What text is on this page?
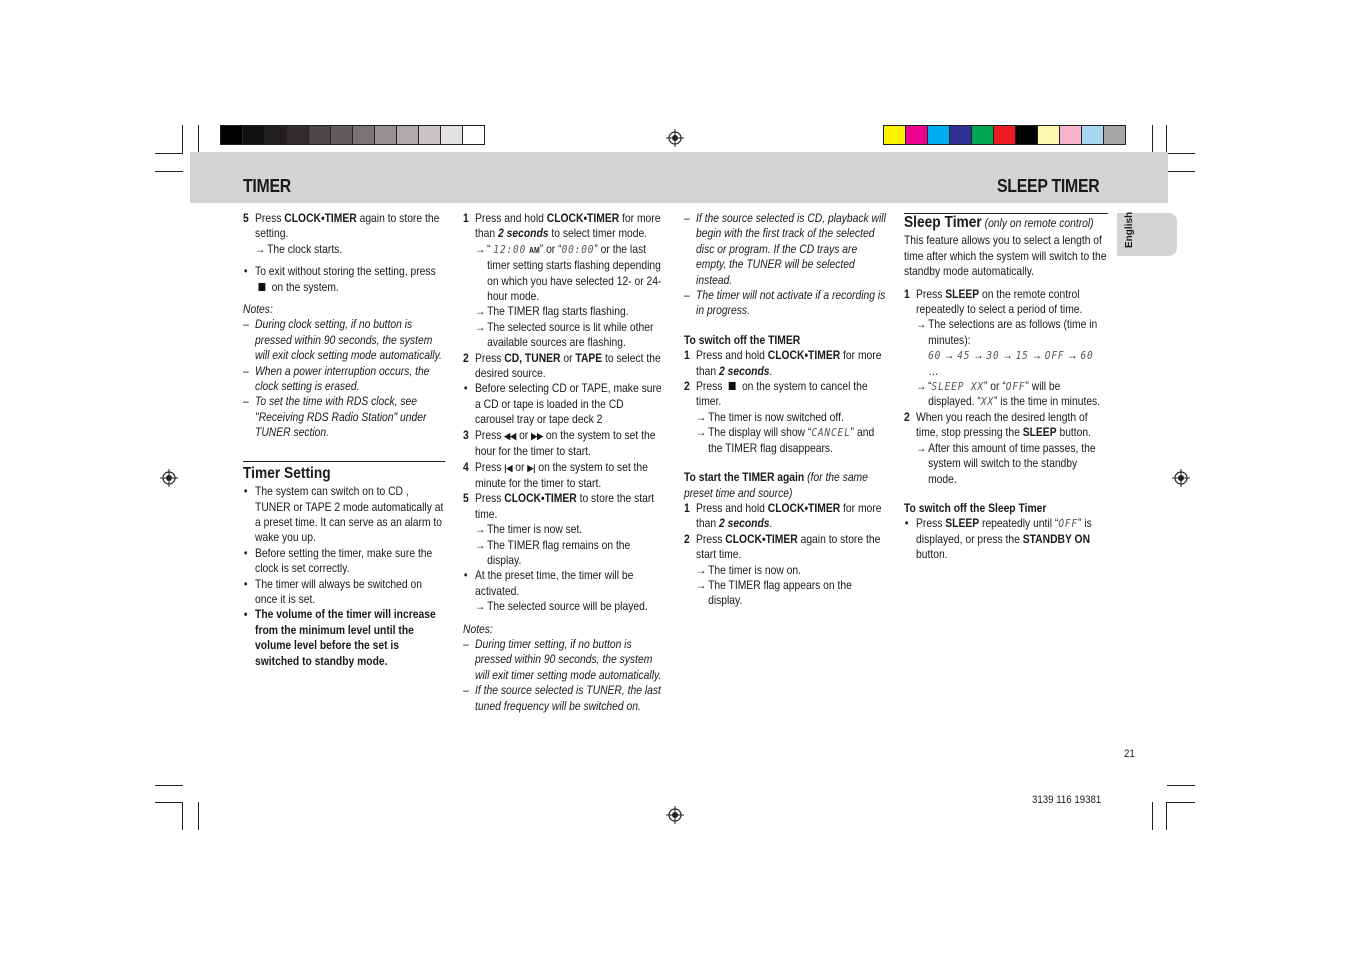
TIMER	SLEEP TIMER
English

5 Press CLOCK•TIMER again to store the setting.

→ The clock starts.

• To exit without storing the setting, press
on the system.

Notes:

– During clock setting, if no button is pressed within 90 seconds, the system will exit clock setting mode automatically.

– When a power interruption occurs, the clock setting is erased.

– To set the time with RDS clock, see "Receiving RDS Radio Station" under TUNER section.

Timer Setting

• The system can switch on to CD , TUNER or TAPE 2 mode automatically at a preset time. It can serve as an alarm to wake you up.

• Before setting the timer, make sure the clock is set correctly.

• The timer will always be switched on once it is set.

• The volume of the timer will increase from the minimum level until the volume level before the set is switched to standby mode.

1 Press and hold CLOCK•TIMER for more than 2 seconds to select timer mode.

→ “ 12:00 AM” or “00:00” or the last timer setting starts flashing depending on which you have selected 12- or 24-hour mode.

→ The TIMER flag starts flashing.

→ The selected source is lit while other available sources are flashing.

2 Press CD, TUNER or TAPE to select the desired source.

• Before selecting CD or TAPE, make sure a CD or tape is loaded in the CD carousel tray or tape deck 2

3 Press ◀◀ or ▶▶ on the system to set the hour for the timer to start.

4 Press |◀ or ▶| on the system to set the minute for the timer to start.

5 Press CLOCK•TIMER to store the start time.

→ The timer is now set.

→ The TIMER flag remains on the display.

• At the preset time, the timer will be activated.

→ The selected source will be played.

Notes:

– During timer setting, if no button is pressed within 90 seconds, the system will exit timer setting mode automatically.

– If the source selected is TUNER, the last tuned frequency will be switched on.

– If the source selected is CD, playback will begin with the first track of the selected disc or program. If the CD trays are empty, the TUNER will be selected instead.

– The timer will not activate if a recording is in progress.

To switch off the TIMER

1 Press and hold CLOCK•TIMER for more than 2 seconds.

2 Press on the system to cancel the timer.

→ The timer is now switched off.

→ The display will show “CANCEL” and the TIMER flag disappears.

To start the TIMER again (for the same preset time and source)

1 Press and hold CLOCK•TIMER for more than 2 seconds.

2 Press CLOCK•TIMER again to store the start time.

→ The timer is now on.

→ The TIMER flag appears on the display.

Sleep Timer (only on remote control)

This feature allows you to select a length of time after which the system will switch to the standby mode automatically.

1 Press SLEEP on the remote control repeatedly to select a period of time.

→ The selections are as follows (time in minutes):

60 → 45 → 30 → 15 → OFF → 60
…

→ “SLEEP XX” or “OFF” will be displayed. “XX” is the time in minutes.

2 When you reach the desired length of time, stop pressing the SLEEP button.

→ After this amount of time passes, the system will switch to the standby mode.

To switch off the Sleep Timer

• Press SLEEP repeatedly until “OFF” is displayed, or press the STANDBY ON button.

21
3139 116 19381
